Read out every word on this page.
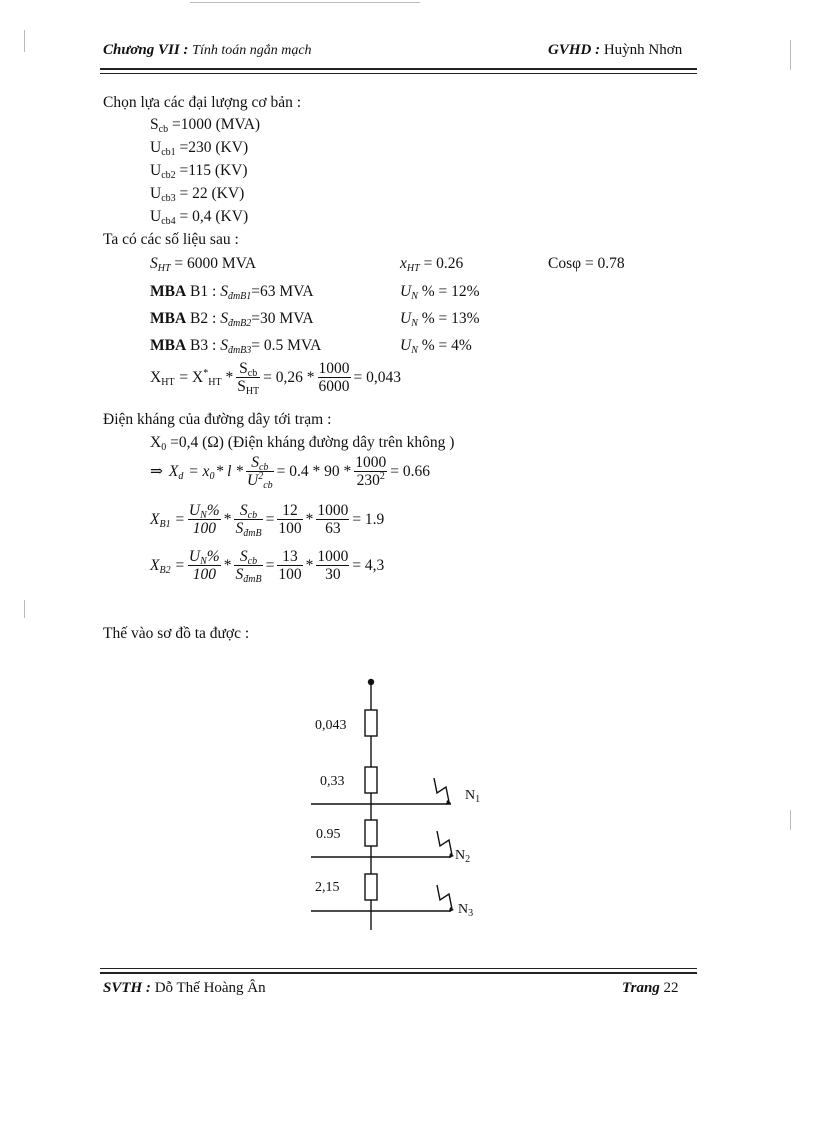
Chương VII : Tính toán ngắn mạch	GVHD : Huỳnh Nhơn
Chọn lựa các đại lượng cơ bản :
$S_{cb} =1000$ (MVA)
$U_{cb1} =230$ (KV)
$U_{cb2} =115$ (KV)
$U_{cb3} = 22$ (KV)
$U_{cb4} = 0,4$ (KV)
Ta có các số liệu sau :
$S_{HT} = 6000$ MVA	$x_{HT} = 0.26$	Cosφ = 0.78
MBA B1 : $S_{đmB1}=63$ MVA	$U_N$ % = 12%
MBA B2 : $S_{đmB2}=30$ MVA	$U_N$ % = 13%
MBA B3 : $S_{đmB3}= 0.5$ MVA	$U_N$ % = 4%
$X_{HT} = X^*_{HT} * \frac{S_{cb}}{S_{HT}} = 0,26 * \frac{1000}{6000} = 0,043$
Điện kháng của đường dây tới trạm :
$X_0 =0,4$ (Ω) (Điện kháng đường dây trên không )
⇒
$X_d = x_0 * l * \frac{S_{cb}}{U^2_{cb}} = 0.4 * 90 * \frac{1000}{230^2} = 0.66$
$X_{B1} = \frac{U_N\%}{100} * \frac{S_{cb}}{S_{đmB}} = \frac{12}{100} * \frac{1000}{63} = 1.9$
$X_{B2} = \frac{U_N\%}{100} * \frac{S_{cb}}{S_{đmB}} = \frac{13}{100} * \frac{1000}{30} = 4,3$
Thế vào sơ đồ ta được :
0,043
0,33
0.95
2,15
$N_1$
$N_2$
$N_3$
SVTH : Dỗ Thế Hoàng Ân	Trang 22
